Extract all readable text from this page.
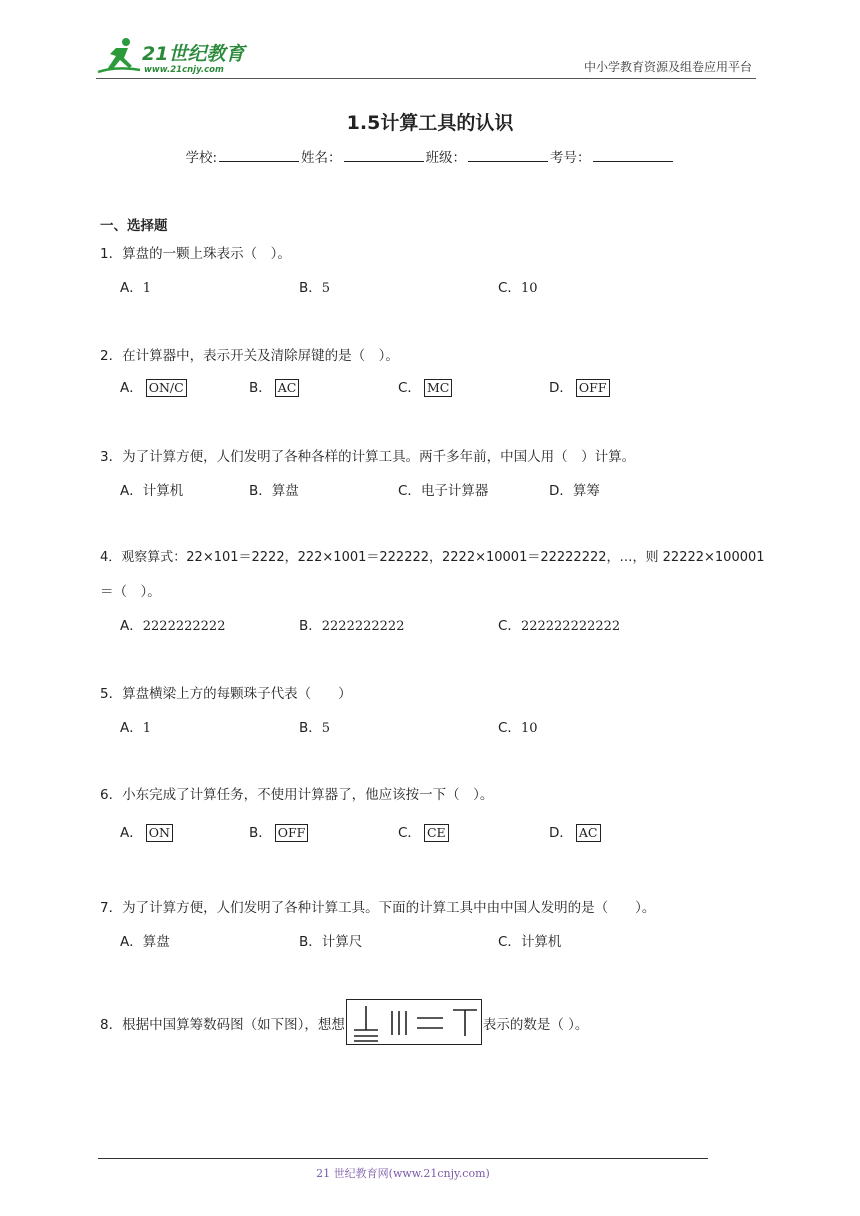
21世纪教育
www.21cnjy.com	中小学教育资源及组卷应用平台
1.5计算工具的认识
学校:	姓名：	班级：	考号：
一、选择题
1．算盘的一颗上珠表示（　）。
A．1	B．5	C．10
2．在计算器中，表示开关及清除屏键的是（　）。
A． ON/C	B． AC	C． MC	D． OFF
3．为了计算方便，人们发明了各种各样的计算工具。两千多年前，中国人用（　）计算。
A．计算机	B．算盘	C．电子计算器	D．算筹
4．观察算式：22×101＝2222，222×1001＝222222，2222×10001＝22222222，…，则 22222×100001
＝（　）。
A．2222222222	B．2222222222	C．222222222222
5．算盘横梁上方的每颗珠子代表（　　）
A．1	B．5	C．10
6．小东完成了计算任务，不使用计算器了，他应该按一下（　）。
A． ON	B． OFF	C． CE	D． AC
7．为了计算方便，人们发明了各种计算工具。下面的计算工具中由中国人发明的是（　　）。
A．算盘	B．计算尺	C．计算机
8．根据中国算筹数码图（如下图），想想	表示的数是（ ）。
21 世纪教育网(www.21cnjy.com)
